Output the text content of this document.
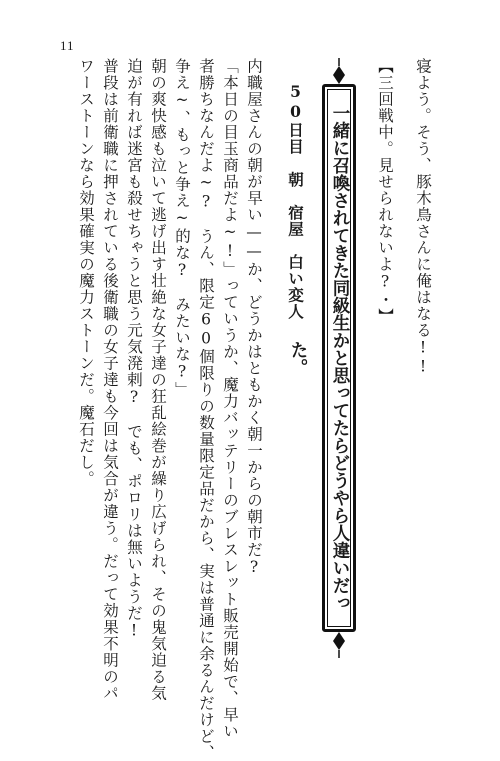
11
寝よう。そう、豚木鳥さんに俺はなる!!
【三回戦中。見せられないよ?・】
一緒に召喚されてきた同級生かと思ってたらどうやら人違いだった。
50日目　朝　宿屋　白い変人
内職屋さんの朝が早い——か、どうかはともかく朝一からの朝市だ?
「本日の目玉商品だよ~!」っていうか、魔力バッテリーのブレスレット販売開始で、早い
者勝ちなんだよ~?　うん、限定60個限りの数量限定品だから、実は普通に余るんだけど、
争え~、もっと争え~的な?　みたいな?」
朝の爽快感も泣いて逃げ出す壮絶な女子達の狂乱絵巻が繰り広げられ、その鬼気迫る気
迫が有れば迷宮も殺せちゃうと思う元気溌剌?　でも、ポロリは無いようだ!
普段は前衛職に押されている後衛職の女子達も今回は気合が違う。だって効果不明のパ
ワーストーンなら効果確実の魔力ストーンだ。魔石だし。
